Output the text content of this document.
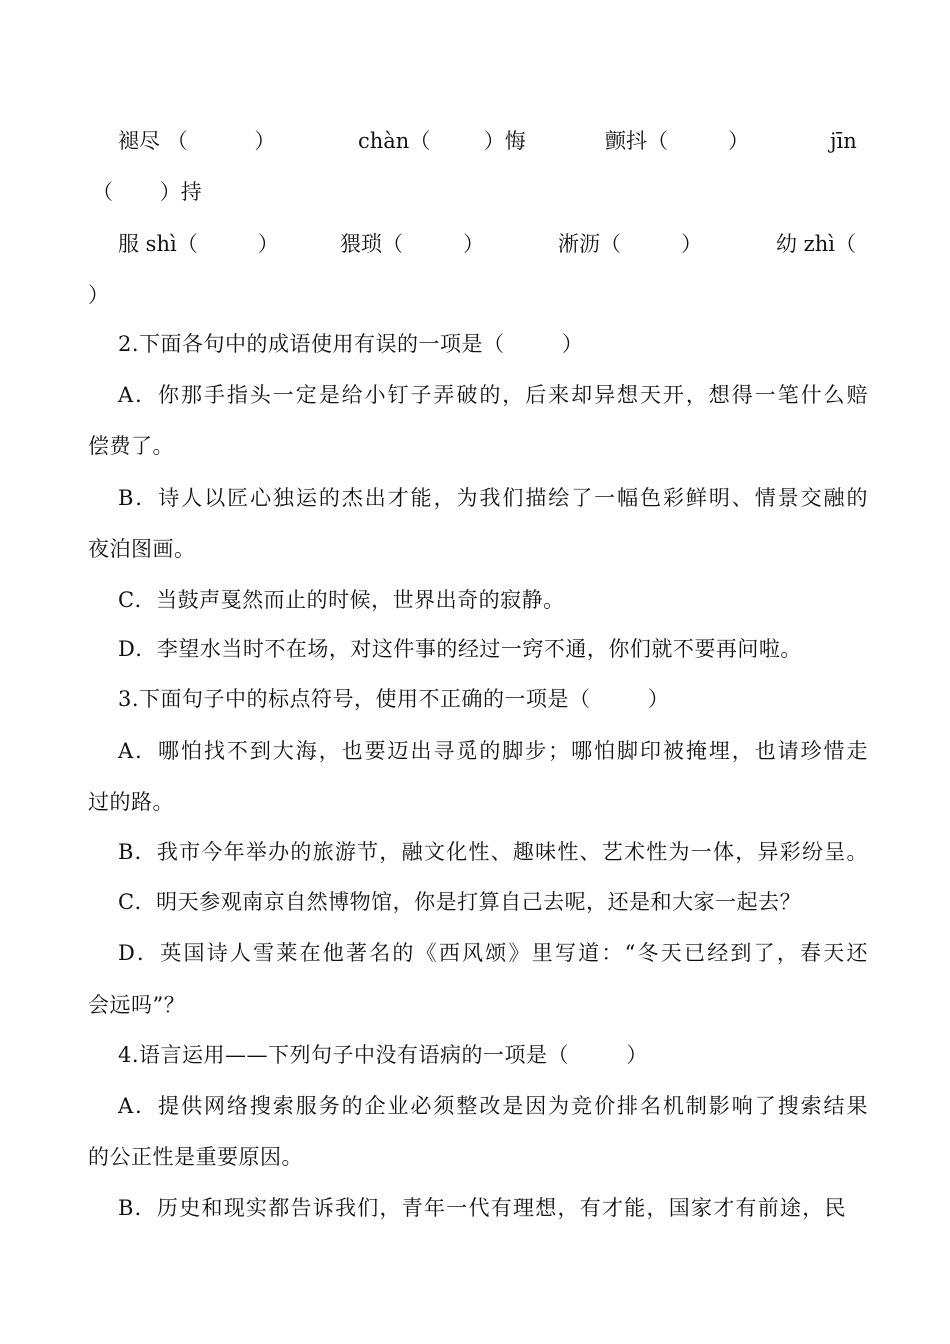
褪尽 （          ）	chàn（        ）悔	颤抖（         ）	jīn
（       ）持
服 shì（         ）	猥琐（         ）	淅沥（         ）	幼 zhì（
）
2.下面各句中的成语使用有误的一项是（        ）
A．你那手指头一定是给小钉子弄破的，后来却异想天开，想得一笔什么赔
偿费了。
B．诗人以匠心独运的杰出才能，为我们描绘了一幅色彩鲜明、情景交融的
夜泊图画。
C．当鼓声戛然而止的时候，世界出奇的寂静。
D．李望水当时不在场，对这件事的经过一窍不通，你们就不要再问啦。
3.下面句子中的标点符号，使用不正确的一项是（        ）
A．哪怕找不到大海，也要迈出寻觅的脚步；哪怕脚印被掩埋，也请珍惜走
过的路。
B．我市今年举办的旅游节，融文化性、趣味性、艺术性为一体，异彩纷呈。
C．明天参观南京自然博物馆，你是打算自己去呢，还是和大家一起去？
D．英国诗人雪莱在他著名的《西风颂》里写道：“冬天已经到了，春天还
会远吗”？
4.语言运用——下列句子中没有语病的一项是（        ）
A．提供网络搜索服务的企业必须整改是因为竞价排名机制影响了搜索结果
的公正性是重要原因。
B．历史和现实都告诉我们，青年一代有理想，有才能，国家才有前途，民
